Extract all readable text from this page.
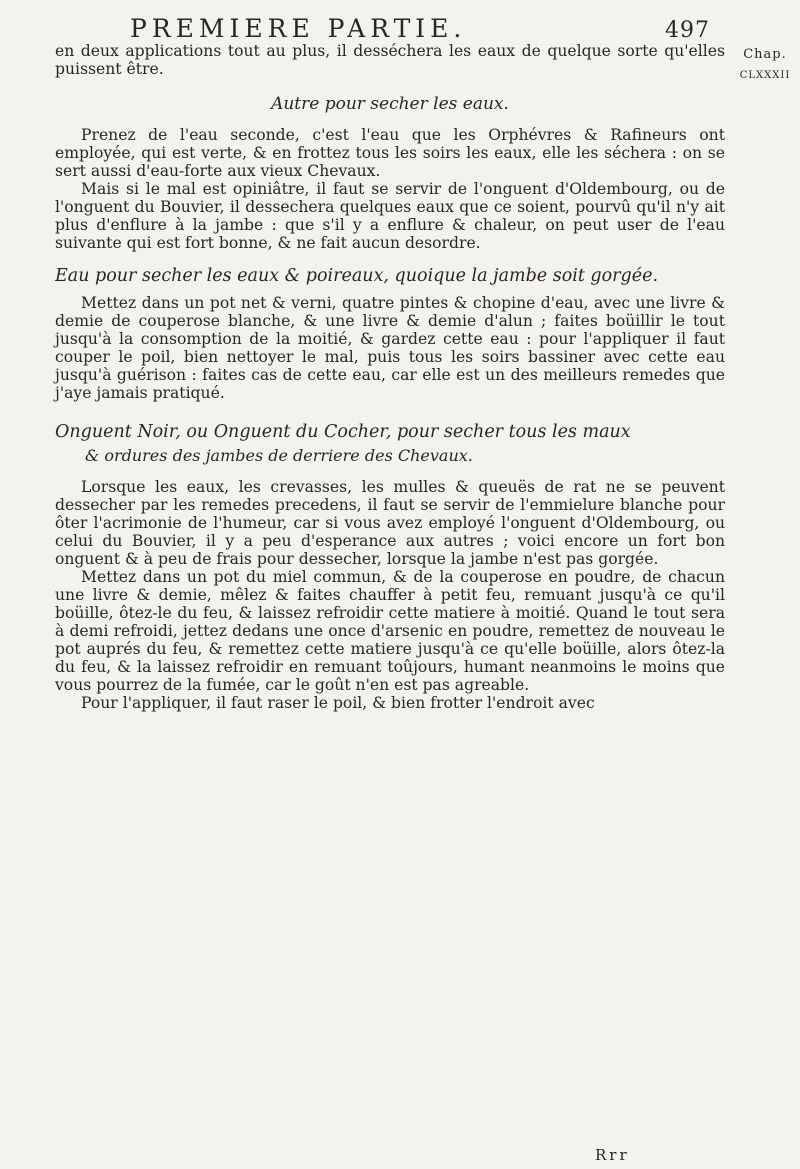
PREMIERE PARTIE.	497
Chap.
CLXXXII

en deux applications tout au plus, il desséchera les eaux de quelque sorte qu'elles puissent être.

Autre pour secher les eaux.

Prenez de l'eau seconde, c'est l'eau que les Orphévres & Rafineurs ont employée, qui est verte, & en frottez tous les soirs les eaux, elle les séchera : on se sert aussi d'eau-forte aux vieux Chevaux.

Mais si le mal est opiniâtre, il faut se servir de l'onguent d'Oldembourg, ou de l'onguent du Bouvier, il dessechera quelques eaux que ce soient, pourvû qu'il n'y ait plus d'enflure à la jambe : que s'il y a enflure & chaleur, on peut user de l'eau suivante qui est fort bonne, & ne fait aucun desordre.

Eau pour secher les eaux & poireaux, quoique la jambe soit gorgée.

Mettez dans un pot net & verni, quatre pintes & chopine d'eau, avec une livre & demie de couperose blanche, & une livre & demie d'alun ; faites boüillir le tout jusqu'à la consomption de la moitié, & gardez cette eau : pour l'appliquer il faut couper le poil, bien nettoyer le mal, puis tous les soirs bassiner avec cette eau jusqu'à guérison : faites cas de cette eau, car elle est un des meilleurs remedes que j'aye jamais pratiqué.

Onguent Noir, ou Onguent du Cocher, pour secher tous les maux
& ordures des jambes de derriere des Chevaux.

Lorsque les eaux, les crevasses, les mulles & queuës de rat ne se peuvent dessecher par les remedes precedens, il faut se servir de l'emmielure blanche pour ôter l'acrimonie de l'humeur, car si vous avez employé l'onguent d'Oldembourg, ou celui du Bouvier, il y a peu d'esperance aux autres ; voici encore un fort bon onguent & à peu de frais pour dessecher, lorsque la jambe n'est pas gorgée.

Mettez dans un pot du miel commun, & de la couperose en poudre, de chacun une livre & demie, mêlez & faites chauffer à petit feu, remuant jusqu'à ce qu'il boüille, ôtez-le du feu, & laissez refroidir cette matiere à moitié. Quand le tout sera à demi refroidi, jettez dedans une once d'arsenic en poudre, remettez de nouveau le pot auprés du feu, & remettez cette matiere jusqu'à ce qu'elle boüille, alors ôtez-la du feu, & la laissez refroidir en remuant toûjours, humant neanmoins le moins que vous pourrez de la fumée, car le goût n'en est pas agreable.

Pour l'appliquer, il faut raser le poil, & bien frotter l'endroit avec

Rrr
